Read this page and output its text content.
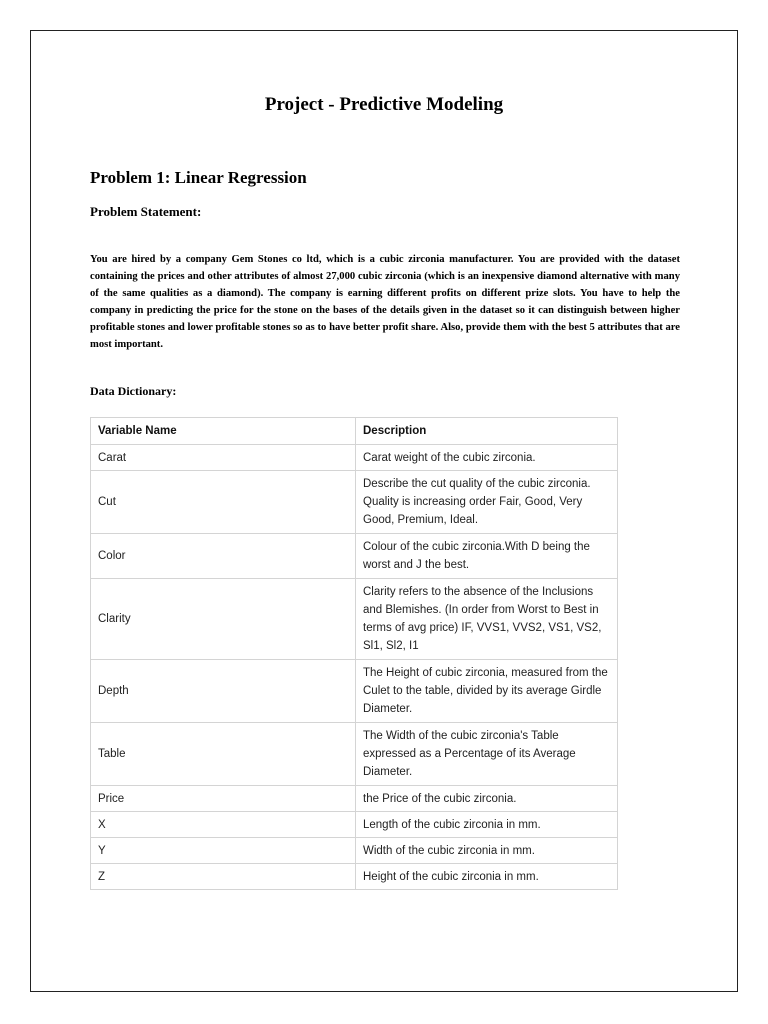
Project - Predictive Modeling
Problem 1: Linear Regression
Problem Statement:
You are hired by a company Gem Stones co ltd, which is a cubic zirconia manufacturer. You are provided with the dataset containing the prices and other attributes of almost 27,000 cubic zirconia (which is an inexpensive diamond alternative with many of the same qualities as a diamond). The company is earning different profits on different prize slots. You have to help the company in predicting the price for the stone on the bases of the details given in the dataset so it can distinguish between higher profitable stones and lower profitable stones so as to have better profit share. Also, provide them with the best 5 attributes that are most important.
Data Dictionary:
Variable Name	Description
Carat	Carat weight of the cubic zirconia.
Cut	Describe the cut quality of the cubic zirconia. Quality is increasing order Fair, Good, Very Good, Premium, Ideal.
Color	Colour of the cubic zirconia.With D being the worst and J the best.
Clarity	Clarity refers to the absence of the Inclusions and Blemishes. (In order from Worst to Best in terms of avg price) IF, VVS1, VVS2, VS1, VS2, Sl1, Sl2, I1
Depth	The Height of cubic zirconia, measured from the Culet to the table, divided by its average Girdle Diameter.
Table	The Width of the cubic zirconia's Table expressed as a Percentage of its Average Diameter.
Price	the Price of the cubic zirconia.
X	Length of the cubic zirconia in mm.
Y	Width of the cubic zirconia in mm.
Z	Height of the cubic zirconia in mm.
